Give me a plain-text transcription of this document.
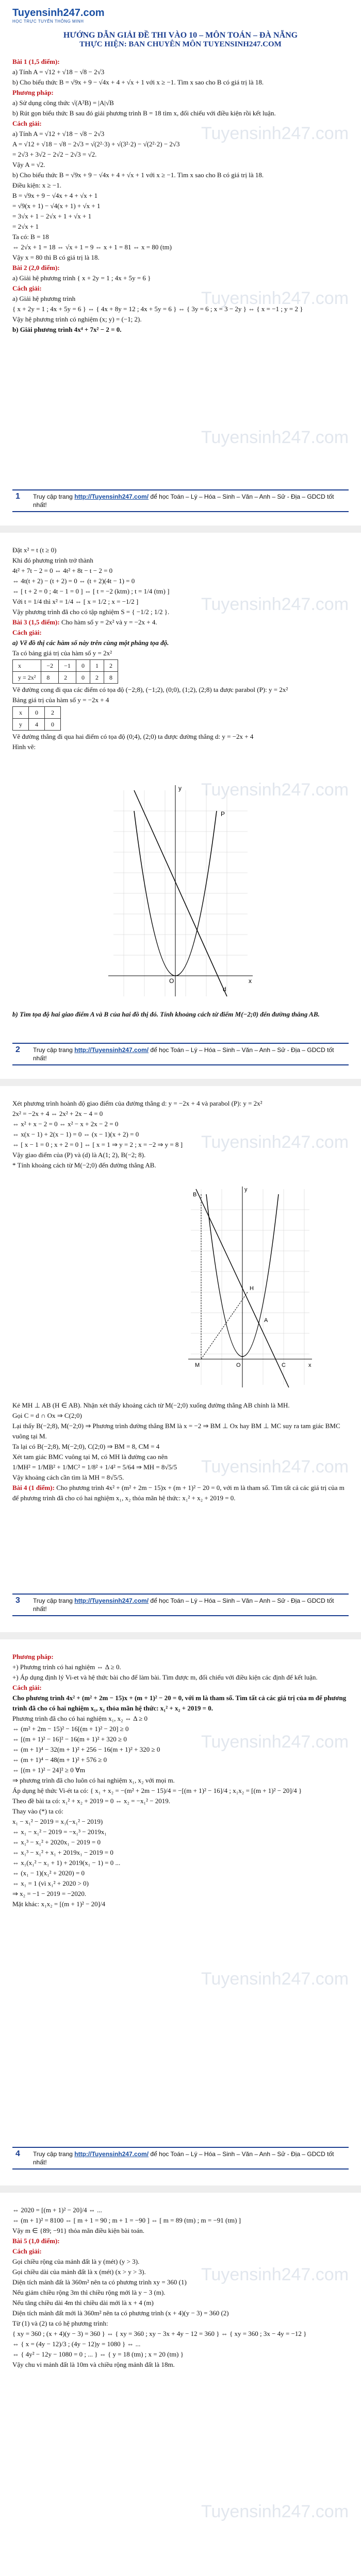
Tuyensinh247.com
HỌC TRỰC TUYẾN THÔNG MINH
HƯỚNG DẪN GIẢI ĐỀ THI VÀO 10 – MÔN TOÁN – ĐÀ NẴNG
THỰC HIỆN: BAN CHUYÊN MÔN TUYENSINH247.COM
Tuyensinh247.com
Tuyensinh247.com
Tuyensinh247.com
Bài 1 (1,5 điểm):
a) Tính A = √12 + √18 − √8 − 2√3
b) Cho biểu thức B = √9x + 9 − √4x + 4 + √x + 1 với x ≥ −1. Tìm x sao cho B có giá trị là 18.
Phương pháp:
a) Sử dụng công thức √(A²B) = |A|√B
b) Rút gọn biểu thức B sau đó giải phương trình B = 18 tìm x, đối chiếu với điều kiện rồi kết luận.
Cách giải:
a) Tính A = √12 + √18 − √8 − 2√3
A = √12 + √18 − √8 − 2√3 = √(2²·3) + √(3²·2) − √(2²·2) − 2√3
= 2√3 + 3√2 − 2√2 − 2√3 = √2.
Vậy A = √2.
b) Cho biểu thức B = √9x + 9 − √4x + 4 + √x + 1 với x ≥ −1. Tìm x sao cho B có giá trị là 18.
Điều kiện: x ≥ −1.
B = √9x + 9 − √4x + 4 + √x + 1
= √9(x + 1) − √4(x + 1) + √x + 1
= 3√x + 1 − 2√x + 1 + √x + 1
= 2√x + 1
Ta có: B = 18
⇔ 2√x + 1 = 18 ⇔ √x + 1 = 9 ⇔ x + 1 = 81 ⇔ x = 80 (tm)
Vậy x = 80 thì B có giá trị là 18.
Bài 2 (2,0 điểm):
a) Giải hệ phương trình { x + 2y = 1 ; 4x + 5y = 6 }
Cách giải:
a) Giải hệ phương trình
{ x + 2y = 1 ; 4x + 5y = 6 } ⇔ { 4x + 8y = 12 ; 4x + 5y = 6 } ⇔ { 3y = 6 ; x = 3 − 2y } ⇔ { x = −1 ; y = 2 }
Vậy hệ phương trình có nghiệm (x; y) = (−1; 2).
b) Giải phương trình 4x⁴ + 7x² − 2 = 0.
1 Truy cập trang http://Tuyensinh247.com/ để học Toán – Lý – Hóa – Sinh – Văn – Anh – Sử - Địa – GDCD tốt nhất!
Tuyensinh247.com
Tuyensinh247.com
Đặt x² = t (t ≥ 0)
Khi đó phương trình trở thành
4t² + 7t − 2 = 0 ⇔ 4t² + 8t − t − 2 = 0
⇔ 4t(t + 2) − (t + 2) = 0 ⇔ (t + 2)(4t − 1) = 0
⇔ [ t + 2 = 0 ; 4t − 1 = 0 ] ⇔ [ t = −2 (ktm) ; t = 1/4 (tm) ]
Với t = 1/4 thì x² = 1/4 ⇔ [ x = 1/2 ; x = −1/2 ]
Vậy phương trình đã cho có tập nghiệm S = { −1/2 ; 1/2 }.
Bài 3 (1,5 điểm): Cho hàm số y = 2x² và y = −2x + 4.
Cách giải:
a) Vẽ đồ thị các hàm số này trên cùng một phẳng tọa độ.
Ta có bảng giá trị của hàm số y = 2x²
x	−2	−1	0	1	2
y = 2x²	8	2	0	2	8
Vẽ đường cong đi qua các điểm có tọa độ (−2;8), (−1;2), (0;0), (1;2), (2;8) ta được parabol (P): y = 2x²
Bảng giá trị của hàm số y = −2x + 4
x	0	2
y	4	0
Vẽ đường thẳng đi qua hai điểm có tọa độ (0;4), (2;0) ta được đường thẳng d: y = −2x + 4
Hình vẽ:
P
d
y
x
O
b) Tìm tọa độ hai giao điểm A và B của hai đồ thị đó. Tính khoảng cách từ điểm M(−2;0) đến đường thẳng AB.
2 Truy cập trang http://Tuyensinh247.com/ để học Toán – Lý – Hóa – Sinh – Văn – Anh – Sử - Địa – GDCD tốt nhất!
Tuyensinh247.com
Tuyensinh247.com
Xét phương trình hoành độ giao điểm của đường thẳng d: y = −2x + 4 và parabol (P): y = 2x²
2x² = −2x + 4 ⇔ 2x² + 2x − 4 = 0
⇔ x² + x − 2 = 0 ⇔ x² − x + 2x − 2 = 0
⇔ x(x − 1) + 2(x − 1) = 0 ⇔ (x − 1)(x + 2) = 0
⇔ [ x − 1 = 0 ; x + 2 = 0 ] ⇔ [ x = 1 ⇒ y = 2 ; x = −2 ⇒ y = 8 ]
Vậy giao điểm của (P) và (d) là A(1; 2), B(−2; 8).
* Tính khoảng cách từ M(−2;0) đến đường thẳng AB.
B
A
H
M	C
O	x
y
Kẻ MH ⊥ AB (H ∈ AB). Nhận xét thấy khoảng cách từ M(−2;0) xuống đường thẳng AB chính là MH.
Gọi C = d ∩ Ox ⇒ C(2;0)
Lại thấy B(−2;8), M(−2;0) ⇒ Phương trình đường thẳng BM là x = −2 ⇒ BM ⊥ Ox hay BM ⊥ MC suy ra tam giác BMC vuông tại M.
Ta lại có B(−2;8), M(−2;0), C(2;0) ⇒ BM = 8, CM = 4
Xét tam giác BMC vuông tại M, có MH là đường cao nên
1/MH² = 1/MB² + 1/MC² = 1/8² + 1/4² = 5/64 ⇒ MH = 8√5/5
Vậy khoảng cách cần tìm là MH = 8√5/5.
Bài 4 (1 điểm): Cho phương trình 4x² + (m² + 2m − 15)x + (m + 1)² − 20 = 0, với m là tham số. Tìm tất cả các giá trị của m để phương trình đã cho có hai nghiệm x₁, x₂ thỏa mãn hệ thức: x₁² + x₂ + 2019 = 0.
3 Truy cập trang http://Tuyensinh247.com/ để học Toán – Lý – Hóa – Sinh – Văn – Anh – Sử - Địa – GDCD tốt nhất!
Tuyensinh247.com
Tuyensinh247.com
Phương pháp:
+) Phương trình có hai nghiệm ⇔ Δ ≥ 0.
+) Áp dụng định lý Vi-et và hệ thức bài cho để làm bài. Tìm được m, đối chiếu với điều kiện các định để kết luận.
Cách giải:
Cho phương trình 4x² + (m² + 2m − 15)x + (m + 1)² − 20 = 0, với m là tham số. Tìm tất cả các giá trị của m để phương trình đã cho có hai nghiệm x₁, x₂ thỏa mãn hệ thức: x₁² + x₂ + 2019 = 0.
Phương trình đã cho có hai nghiệm x₁, x₂ ⇔ Δ ≥ 0
⇔ (m² + 2m − 15)² − 16[(m + 1)² − 20] ≥ 0
⇔ [(m + 1)² − 16]² − 16(m + 1)² + 320 ≥ 0
⇔ (m + 1)⁴ − 32(m + 1)² + 256 − 16(m + 1)² + 320 ≥ 0
⇔ (m + 1)⁴ − 48(m + 1)² + 576 ≥ 0
⇔ [(m + 1)² − 24]² ≥ 0 ∀m
⇒ phương trình đã cho luôn có hai nghiệm x₁, x₂ với mọi m.
Áp dụng hệ thức Vi-ét ta có: { x₁ + x₂ = −(m² + 2m − 15)/4 = −[(m + 1)² − 16]/4 ; x₁x₂ = [(m + 1)² − 20]/4 }
Theo đề bài ta có: x₁² + x₂ + 2019 = 0 ⇔ x₂ = −x₁² − 2019.
Thay vào (*) ta có:
x₁ − x₁² − 2019 = x₁(−x₁² − 2019)
⇔ x₁ − x₁² − 2019 = −x₁³ − 2019x₁
⇔ x₁³ − x₁² + 2020x₁ − 2019 = 0
⇔ x₁³ − x₁² + x₁ + 2019x₁ − 2019 = 0
⇔ x₁(x₁² − x₁ + 1) + 2019(x₁ − 1) = 0 ...
⇔ (x₁ − 1)(x₁² + 2020) = 0
⇔ x₁ = 1 (vì x₁² + 2020 > 0)
⇒ x₂ = −1 − 2019 = −2020.
Mặt khác: x₁x₂ = [(m + 1)² − 20]/4
4 Truy cập trang http://Tuyensinh247.com/ để học Toán – Lý – Hóa – Sinh – Văn – Anh – Sử - Địa – GDCD tốt nhất!
Tuyensinh247.com
Tuyensinh247.com
⇔ 2020 = [(m + 1)² − 20]/4 ⇔ ...
⇔ (m + 1)² = 8100 ⇔ [ m + 1 = 90 ; m + 1 = −90 ] ⇔ [ m = 89 (tm) ; m = −91 (tm) ]
Vậy m ∈ {89; −91} thỏa mãn điều kiện bài toán.
Bài 5 (1,0 điểm):
Cách giải:
Gọi chiều rộng của mảnh đất là y (mét) (y > 3).
Gọi chiều dài của mảnh đất là x (mét) (x > y > 3).
Diện tích mảnh đất là 360m² nên ta có phương trình xy = 360 (1)
Nếu giảm chiều rộng 3m thì chiều rộng mới là y − 3 (m).
Nếu tăng chiều dài 4m thì chiều dài mới là x + 4 (m)
Diện tích mảnh đất mới là 360m² nên ta có phương trình (x + 4)(y − 3) = 360 (2)
Từ (1) và (2) ta có hệ phương trình:
{ xy = 360 ; (x + 4)(y − 3) = 360 } ⇔ { xy = 360 ; xy − 3x + 4y − 12 = 360 } ⇔ { xy = 360 ; 3x − 4y = −12 }
⇔ { x = (4y − 12)/3 ; (4y − 12)y = 1080 } ⇔ ...
⇔ { 4y² − 12y − 1080 = 0 ; ... } ⇔ { y = 18 (tm) ; x = 20 (tm) }
Vậy chu vi mảnh đất là 10m và chiều rộng mảnh đất là 18m.
